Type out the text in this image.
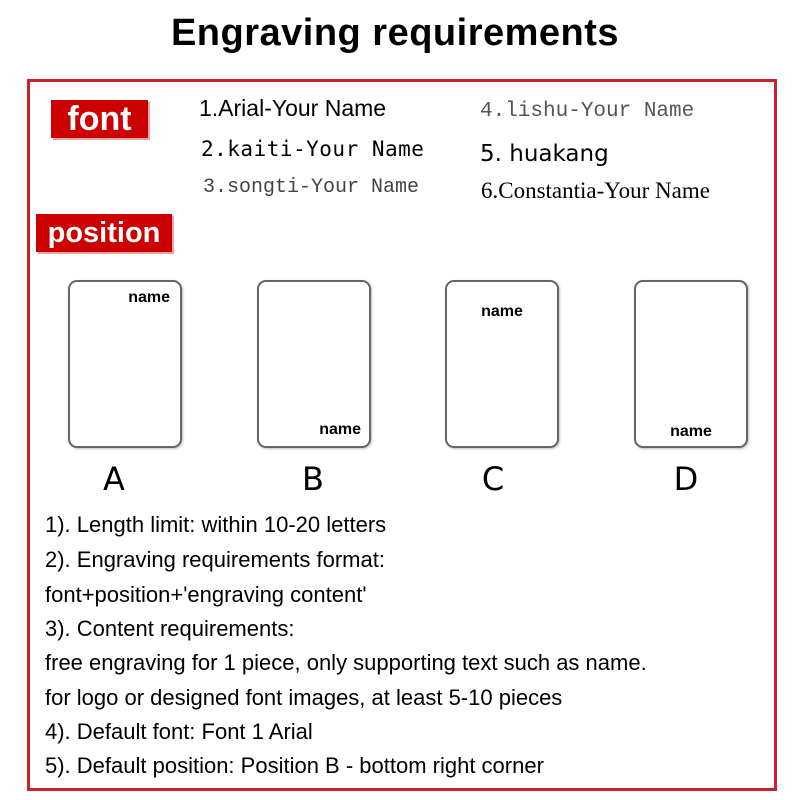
Engraving requirements
font	1.Arial-Your Name
2.kaiti-Your Name
3.songti-Your Name
4.lishu-Your Name
5. huakang
6.Constantia-Your Name
position
name
name
name
name
A	B	C	D
1). Length limit: within 10-20 letters
2). Engraving requirements format:
font+position+'engraving content'
3). Content requirements:
free engraving for 1 piece, only supporting text such as name.
for logo or designed font images, at least 5-10 pieces
4). Default font: Font 1 Arial
5). Default position: Position B - bottom right corner
